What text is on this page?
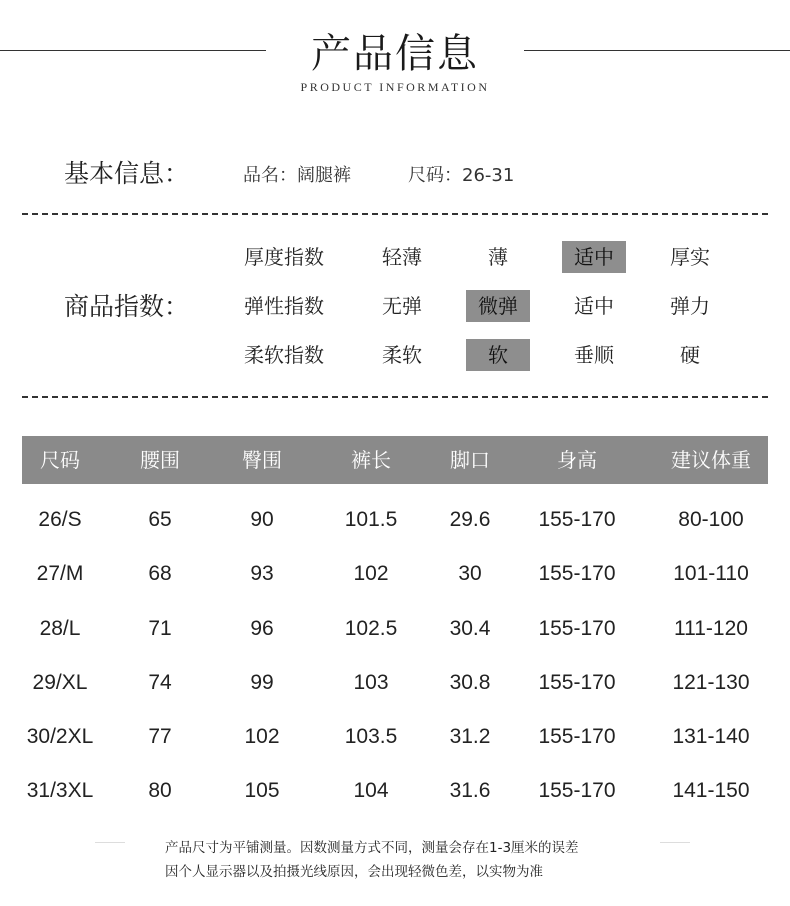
产品信息
PRODUCT INFORMATION
基本信息：	品名：阔腿裤	尺码：26-31
商品指数：
厚度指数	轻薄	薄	适中	厚实
弹性指数	无弹	微弹	适中	弹力
柔软指数	柔软	软	垂顺	硬
尺码	腰围	臀围	裤长	脚口	身高	建议体重
26/S	65	90	101.5	29.6	155-170	80-100
27/M	68	93	102	30	155-170	101-110
28/L	71	96	102.5	30.4	155-170	111-120
29/XL	74	99	103	30.8	155-170	121-130
30/2XL	77	102	103.5	31.2	155-170	131-140
31/3XL	80	105	104	31.6	155-170	141-150
产品尺寸为平铺测量。因数测量方式不同，测量会存在1-3厘米的误差
因个人显示器以及拍摄光线原因，会出现轻微色差，以实物为准
